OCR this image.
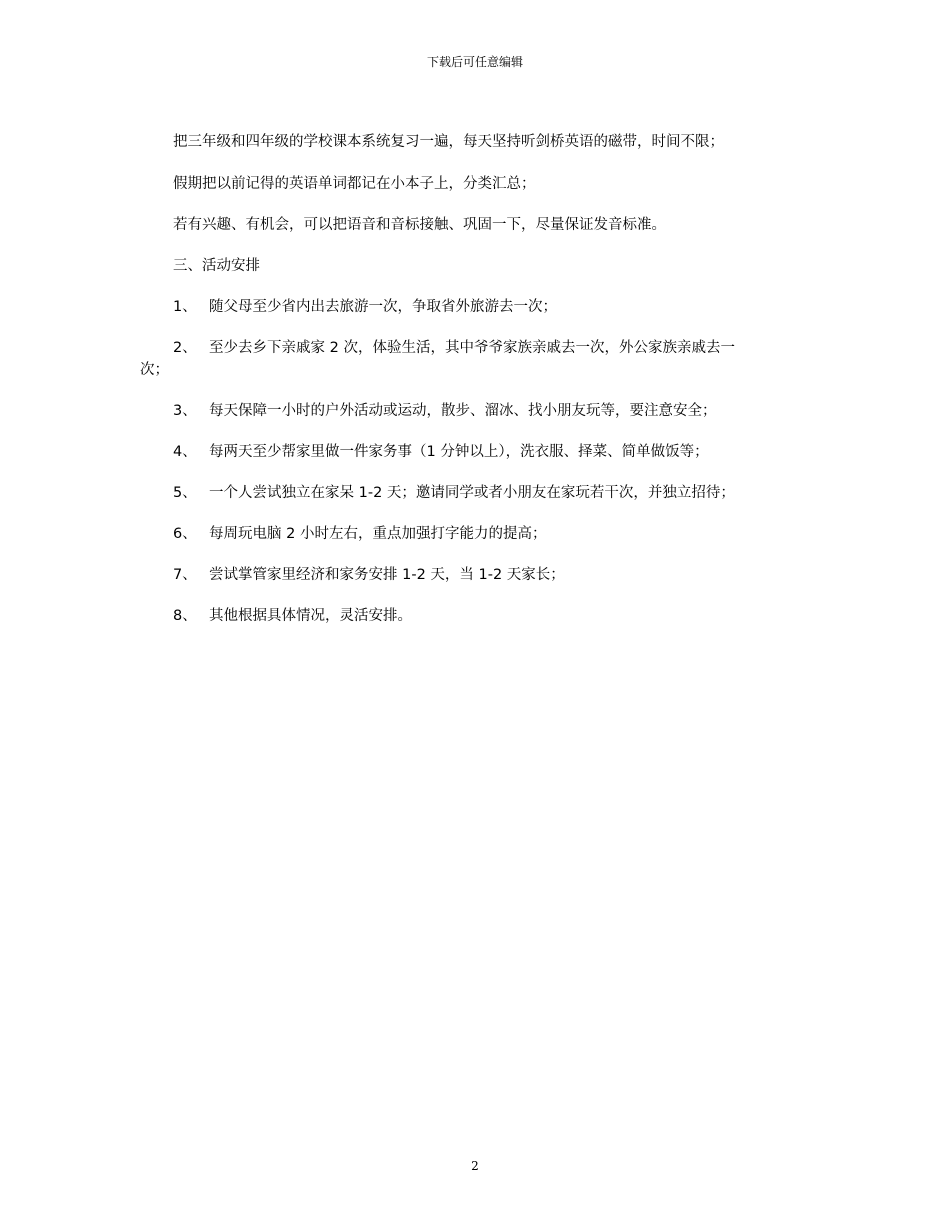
下载后可任意编辑
把三年级和四年级的学校课本系统复习一遍，每天坚持听剑桥英语的磁带，时间不限；
假期把以前记得的英语单词都记在小本子上，分类汇总；
若有兴趣、有机会，可以把语音和音标接触、巩固一下，尽量保证发音标准。
三、活动安排
1、 随父母至少省内出去旅游一次，争取省外旅游去一次；
2、 至少去乡下亲戚家 2 次，体验生活，其中爷爷家族亲戚去一次，外公家族亲戚去一
次；
3、 每天保障一小时的户外活动或运动，散步、溜冰、找小朋友玩等，要注意安全；
4、 每两天至少帮家里做一件家务事（1 分钟以上），洗衣服、择菜、简单做饭等；
5、 一个人尝试独立在家呆 1-2 天；邀请同学或者小朋友在家玩若干次，并独立招待；
6、 每周玩电脑 2 小时左右，重点加强打字能力的提高；
7、 尝试掌管家里经济和家务安排 1-2 天，当 1-2 天家长；
8、 其他根据具体情况，灵活安排。
2
